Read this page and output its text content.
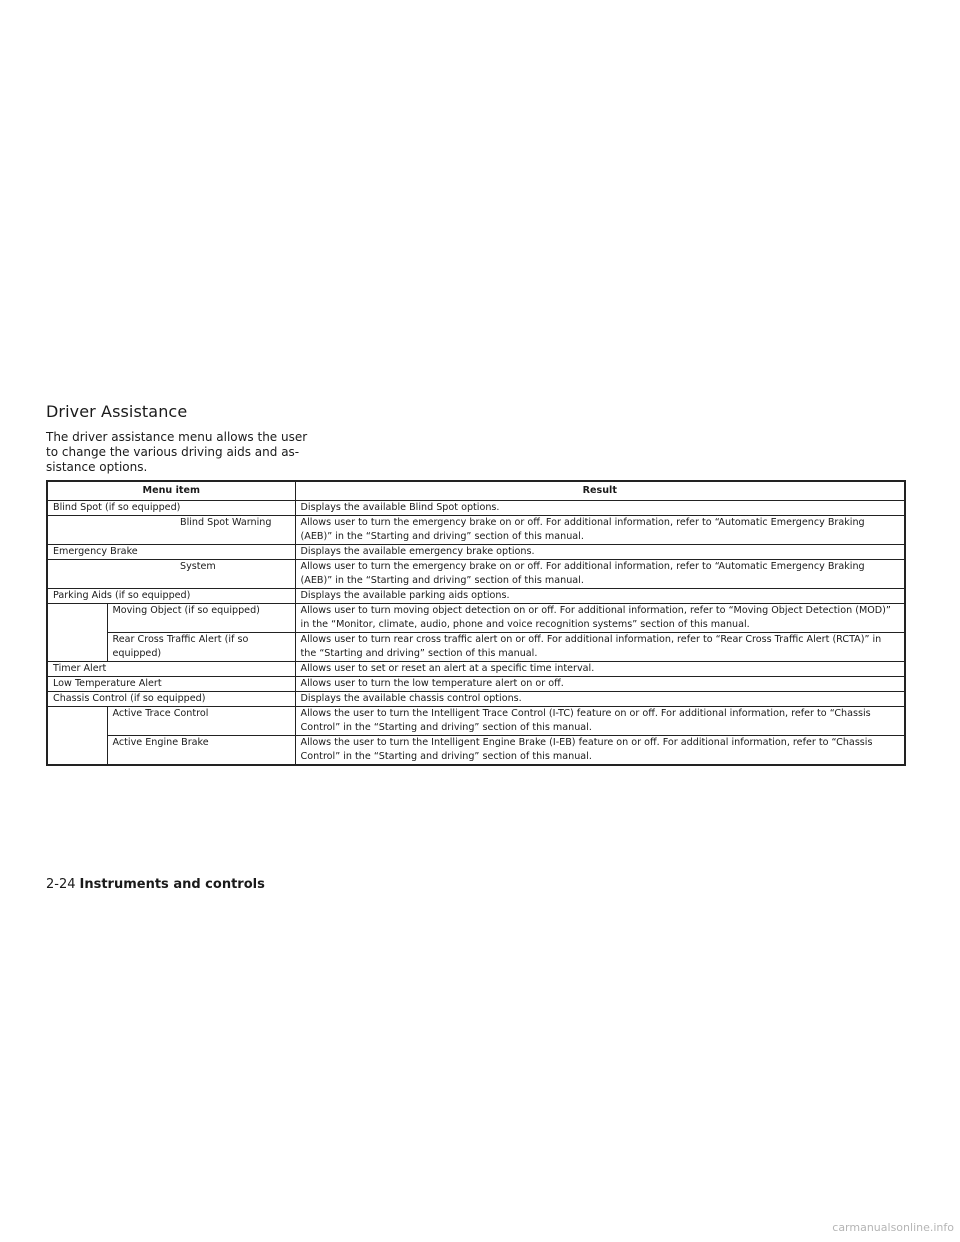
Driver Assistance

The driver assistance menu allows the user
to change the various driving aids and as-
sistance options.

Menu item			Result
Blind Spot (if so equipped)			Displays the available Blind Spot options.
		Blind Spot Warning	Allows user to turn the emergency brake on or off. For additional information, refer to “Automatic Emergency Braking (AEB)” in the “Starting and driving” section of this manual.
Emergency Brake			Displays the available emergency brake options.
		System	Allows user to turn the emergency brake on or off. For additional information, refer to “Automatic Emergency Braking (AEB)” in the “Starting and driving” section of this manual.
Parking Aids (if so equipped)			Displays the available parking aids options.
	Moving Object (if so equipped)		Allows user to turn moving object detection on or off. For additional information, refer to “Moving Object Detection (MOD)” in the “Monitor, climate, audio, phone and voice recognition systems” section of this manual.
	Rear Cross Traffic Alert (if so equipped)		Allows user to turn rear cross traffic alert on or off. For additional information, refer to “Rear Cross Traffic Alert (RCTA)” in the “Starting and driving” section of this manual.
Timer Alert			Allows user to set or reset an alert at a specific time interval.
Low Temperature Alert			Allows user to turn the low temperature alert on or off.
Chassis Control (if so equipped)			Displays the available chassis control options.
	Active Trace Control		Allows the user to turn the Intelligent Trace Control (I-TC) feature on or off. For additional information, refer to “Chassis Control” in the “Starting and driving” section of this manual.
	Active Engine Brake		Allows the user to turn the Intelligent Engine Brake (I-EB) feature on or off. For additional information, refer to “Chassis Control” in the “Starting and driving” section of this manual.
2-24 Instruments and controls
carmanualsonline.info
